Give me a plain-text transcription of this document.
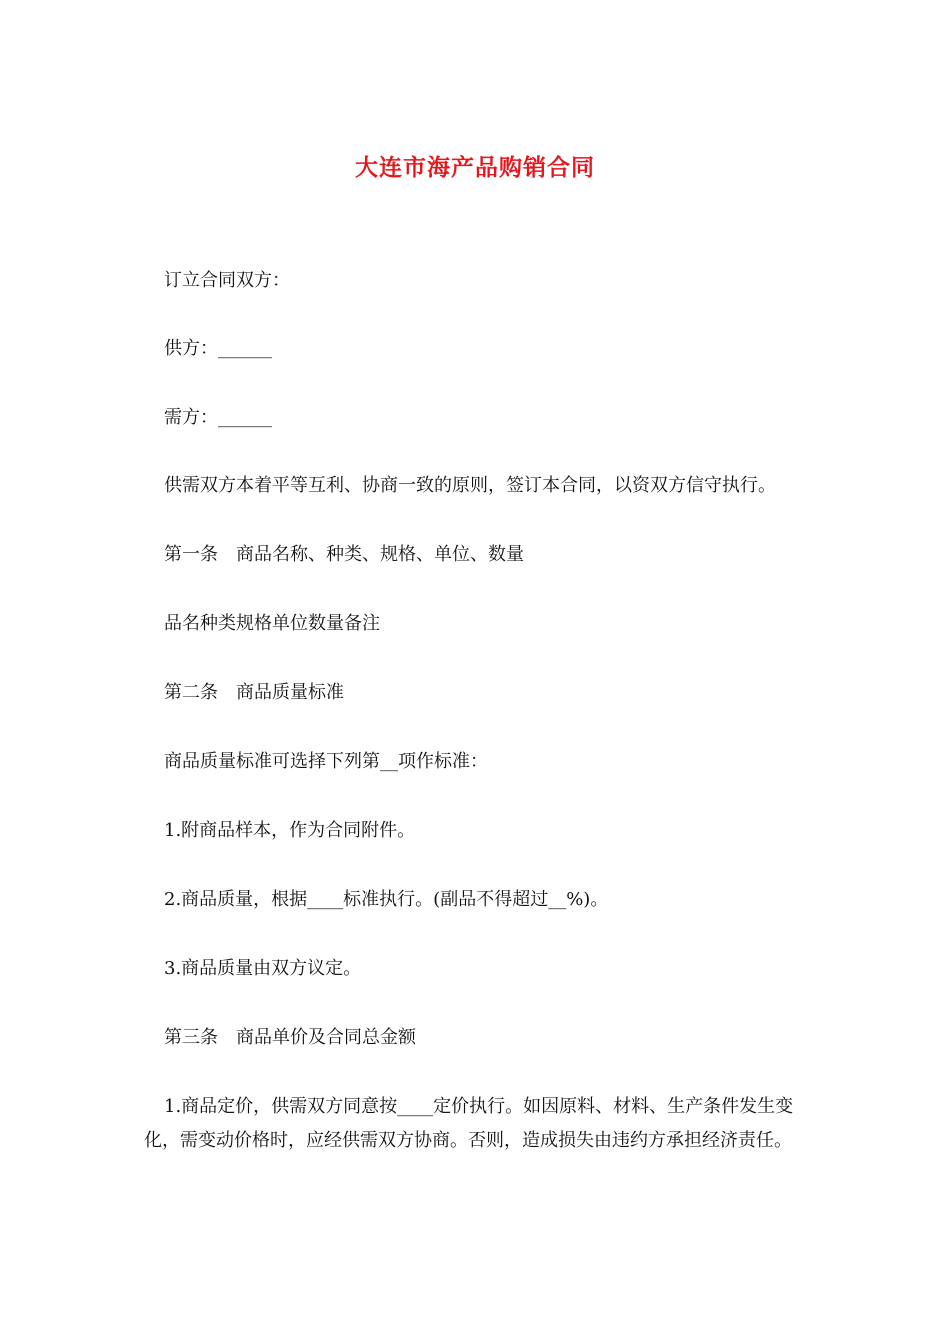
大连市海产品购销合同
订立合同双方：
供方：______
需方：______
供需双方本着平等互利、协商一致的原则，签订本合同，以资双方信守执行。
第一条　商品名称、种类、规格、单位、数量
品名种类规格单位数量备注
第二条　商品质量标准
商品质量标准可选择下列第__项作标准：
1.附商品样本，作为合同附件。
2.商品质量，根据____标准执行。(副品不得超过__%)。
3.商品质量由双方议定。
第三条　商品单价及合同总金额
1.商品定价，供需双方同意按____定价执行。如因原料、材料、生产条件发生变化，需变动价格时，应经供需双方协商。否则，造成损失由违约方承担经济责任。
